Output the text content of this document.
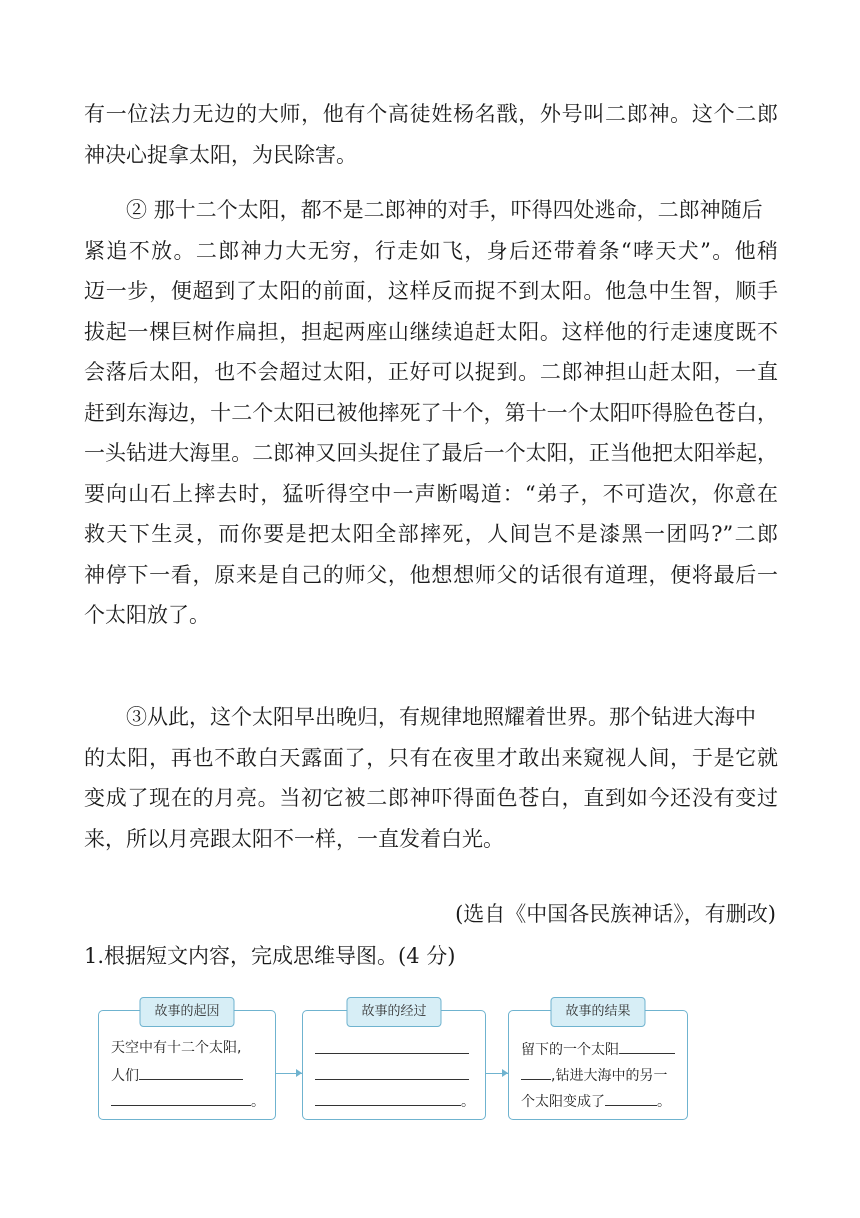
有一位法力无边的大师，他有个高徒姓杨名戬，外号叫二郎神。这个二郎
神决心捉拿太阳，为民除害。
② 那十二个太阳，都不是二郎神的对手，吓得四处逃命，二郎神随后
紧追不放。二郎神力大无穷，行走如飞，身后还带着条“哮天犬”。他稍
迈一步，便超到了太阳的前面，这样反而捉不到太阳。他急中生智，顺手
拔起一棵巨树作扁担，担起两座山继续追赶太阳。这样他的行走速度既不
会落后太阳，也不会超过太阳，正好可以捉到。二郎神担山赶太阳，一直
赶到东海边，十二个太阳已被他摔死了十个，第十一个太阳吓得脸色苍白，
一头钻进大海里。二郎神又回头捉住了最后一个太阳，正当他把太阳举起，
要向山石上摔去时，猛听得空中一声断喝道：“弟子，不可造次，你意在
救天下生灵，而你要是把太阳全部摔死，人间岂不是漆黑一团吗?”二郎
神停下一看，原来是自己的师父，他想想师父的话很有道理，便将最后一
个太阳放了。
③从此，这个太阳早出晚归，有规律地照耀着世界。那个钻进大海中
的太阳，再也不敢白天露面了，只有在夜里才敢出来窥视人间，于是它就
变成了现在的月亮。当初它被二郎神吓得面色苍白，直到如今还没有变过
来，所以月亮跟太阳不一样，一直发着白光。

(选自《中国各民族神话》，有删改)

1.根据短文内容，完成思维导图。(4 分)

故事的起因
天空中有十二个太阳,
人们
。
故事的经过
。
故事的结果
留下的一个太阳
,钻进大海中的另一
个太阳变成了	。
